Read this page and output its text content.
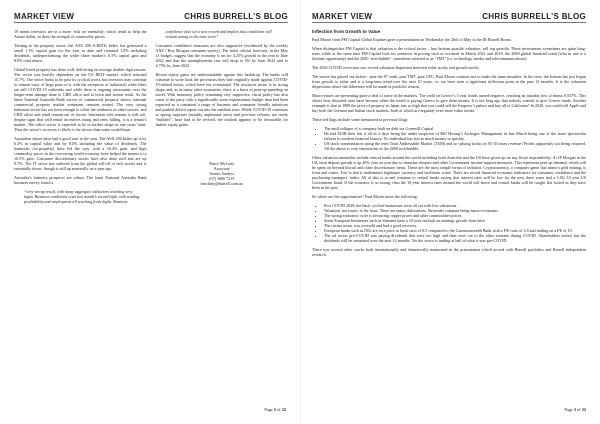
MARKET VIEW	CHRIS BURRELL’S BLOG

19 minus investors are in a more ‘risk on’ mentality, which tends to help the Aussie dollar, as does the strength of commodity prices.

Turning to the property sector, the ASX 200 A-REITs Index has generated a small 1.1% capital gain for the year to date and returned 1.8% including dividends, underperforming the wider share market’s 6.3% capital gain and 8.0% total return.

Global listed property has done well, delivering on average double digit returns. The sector was heavily dependent on the US REIT market, which returned 15.7%. The sector looks to be past its cyclical worst, but investors may continue to remain wary of large parts of it with the exception of industrial) while there are still COVID-19 outbreaks and while there is ongoing uncertainty over the longer-term damage done to CBD office and to brick and mortar retail. As the latest National Australia Bank survey of commercial property shows, national commercial property market sentiment remains muted. The very strong industrial sector has not been enough to offset the weakness in other sectors, and CBD office and retail remain out of favour. Sentiment with tenants is still soft, despite signs that with rental incentives rising and rents falling, it is a tenant’s market. The office sector is expected to be in further shape in one years’ time. Thus the sector’s recovery is likely to be slower than some would hope.

Australian shares have had a good start to the year. The ASX 200 Index up is by 6.3% in capital value and by 8.0% including the value of dividends. The financials (ex-property) have led the way, with a 16.4% gain, and high commodity prices in the recovering world economy have helped the miners to a 10.5% gain. Consumer discretionary stocks have also done well and are up 9.7%. The IT sector has suffered from the global sell-off of tech stocks and is essentially down, though is still up materially on a year ago.

Australia’s business prospects are robust. The latest National Australia Bank business survey found a

“very strong result, with many aggregate indicators reaching very highs. Business conditions reset last month’s record high, with trading, profitability and employment all reaching fresh highs. Business
confidence also set a new record and implies that conditions will remain strong in the near term”.

Consumer confidence measures are also supportive (evidenced by the weekly ANZ / Roy Morgan consumer survey). The latest official forecasts, in the May 11 budget, suggest that the economy is set for 4.25% growth in the year to June 2022 and that the unemployment rate will drop to 5% by June 2022 and to 4.75% by June 2023.

Recent equity gains are understandable against this backdrop. The banks will continue to write back the provisions they had originally made against COVID-19-related losses, which have not eventuated. The resources sector is in strong shape and, as in many other economies, there is a burst of pent-up spending on travel. With monetary policy remaining very supportive, fiscal policy has also come to the party with a significantly more expansionary budget than had been expected as it contained a range of business and consumer friendly initiatives and pushed deficit repair out into the medium term. While COVID-19 continues to spring surprises (notably unpleasant ones) and previous reforms are rarely “bubbles”, have had to be revised, the outlook appears to be favourable for further equity gains.

Bruce McLarty
Associate
Senior Analyst
(07) 3006 7219
bmclarty@burrell.com.au
Page 2 of 22
MARKET VIEW	CHRIS BURRELL’S BLOG
Inflection from Growth to Value

Paul Moore from PM Capital Global Equities gave a presentation on Wednesday the 26th of May in the JR Burrell Room.

When distinguishes PM Capital is that valuation is the critical factor – buy bottom quartile valuation, sell top quartile. These investments sometimes are quite long-term, while at the same time PM Capital look for scenarios in pricing such as occurred in March 2021 and 2018, the 2008 global financial crash (who in one is a lifetime opportunity) and the 2000 ‘tech-bubble’, sometimes referred to as ‘TMT’ (i.e. technology, media and telecommunications).

The 2020 COVID correction saw record valuation dispersion between value stocks and growth stocks.

The movie has played out before - post the 87 crash, post TMT, post GFC. Paul Moore cautions not to make the same mistakes. In his view, the bottom has just begun from growth to value and is a long-term trend over the next 10 years, i.e. we have seen a significant inflection point in the past 12 months. It is the valuation dispersions where the difference will be made in portfolio returns.

Macro-issues are presenting quite a deal of noise in the markets. The yield on Greece’s 5 year bonds turned negative, reaching an intraday low of minus 0.037%. This shows how distorted rates have become when the world is paying Greece to give them money. It is not long ago that nobody wanted to give Greece funds. Another example is that in 1989 the price of property in Japan was so high that you could sell the Emperor’s palace and buy all of California! In 2020, you could sell Apple and buy both the German and Italian stock markets, both of which are arguably even more value stocks.

These red flags include some mentioned in previous blogs:

• The until collapse of a company built on debt via Greensill Capital.
• He had $23B then lost it all in 2 days being the under suspicion of Bill Hwang’s Archegos Management in late March being one of the more spectacular failures in modern financial history. No individual has lost as much money so quickly.
• US stock commentators using the term Total Addressable Market (TAM) and so valuing stocks at 50-10 times revenue! Profits apparently not being required. All the above is very reminiscent of the 2000 tech-bubble.

Other valuation anomalies include central banks around the world including both Australia and the US have given up on any fiscal responsibility. At JP Morgan in the US, term deposit growth is up 40% year on year due to stimulus cheques and other Government income support measures. This represents pent up demand, which will be spent on beyond biscuit and other discretionary items. These are the most simple forms of inflation. Cryptocurrency, a computer game that mimics gold mining, is front and centre. Fact is that it undermines legitimate currency and facilitates crime. There are record financial economic indicators for consumer confidence and the purchasing managers’ index. All of this is to and continue to central banks saying that interest rates will be low for the next three years and a 1.6% 10 year US Government bond. If the economy is so strong, then the 10-year interest rates around the world will move and central banks will be caught flat footed as they have been in the past.

So where are the opportunities? Paul Moore notes the following;

• Post COVID 2020, the basic cyclical businesses were all cut with low valuations.
• Valuation, not issues, is the issue. There are many dislocations. Reversals common being macro-economic.
• The strong economic cycle is favouring copper prices and other commodities prices.
• Some European businesses such as Siemens have a 10-year outlook on earnings growth from here.
• The casino sector was oversold and had a good recovery.
• European banks such as ING are on a price to book ratio of 0.5 compared to the Commonwealth Bank with a P/E ratio of 2.8 and trading on a PE of 19.
• The oil sector pre-COVID was paying dividends that were too high and then were cut to the other extreme during COVID. Shareholders exited, but the dividends will be reinstated over the next 12 months. Yet the sector is trading at half of what it was pre-COVID.

There was several other stocks both internationally and domestically mentioned in the presentation which accord with Burrell portfolios and Burrell independent research.

Page 3 of 22
